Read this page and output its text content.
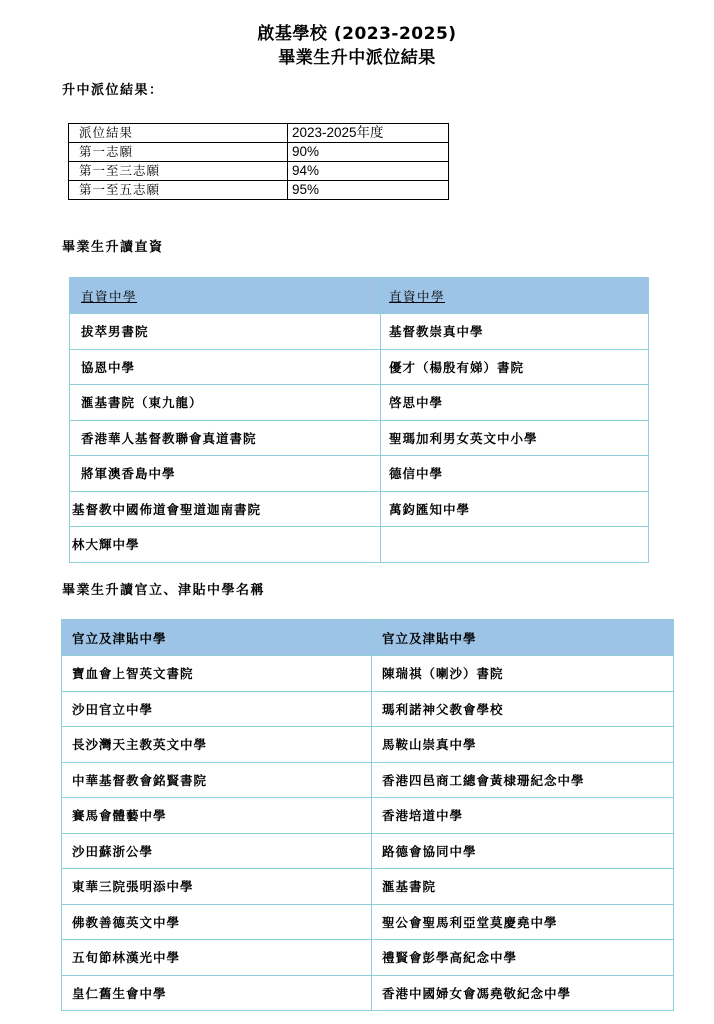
啟基學校 (2023-2025)
畢業生升中派位結果
升中派位結果：
派位結果	2023-2025年度
第一志願	90%
第一至三志願	94%
第一至五志願	95%
畢業生升讀直資
直資中學	直資中學
拔萃男書院	基督教崇真中學
協恩中學	優才（楊殷有娣）書院
滙基書院（東九龍）	啓思中學
香港華人基督教聯會真道書院	聖瑪加利男女英文中小學
將軍澳香島中學	德信中學
基督教中國佈道會聖道迦南書院	萬鈞匯知中學
林大輝中學	
畢業生升讀官立、津貼中學名稱
官立及津貼中學	官立及津貼中學
寶血會上智英文書院	陳瑞祺（喇沙）書院
沙田官立中學	瑪利諾神父教會學校
長沙灣天主教英文中學	馬鞍山崇真中學
中華基督教會銘賢書院	香港四邑商工總會黃棣珊紀念中學
賽馬會體藝中學	香港培道中學
沙田蘇浙公學	路德會協同中學
東華三院張明添中學	滙基書院
佛教善德英文中學	聖公會聖馬利亞堂莫慶堯中學
五旬節林漢光中學	禮賢會彭學高紀念中學
皇仁舊生會中學	香港中國婦女會馮堯敬紀念中學
